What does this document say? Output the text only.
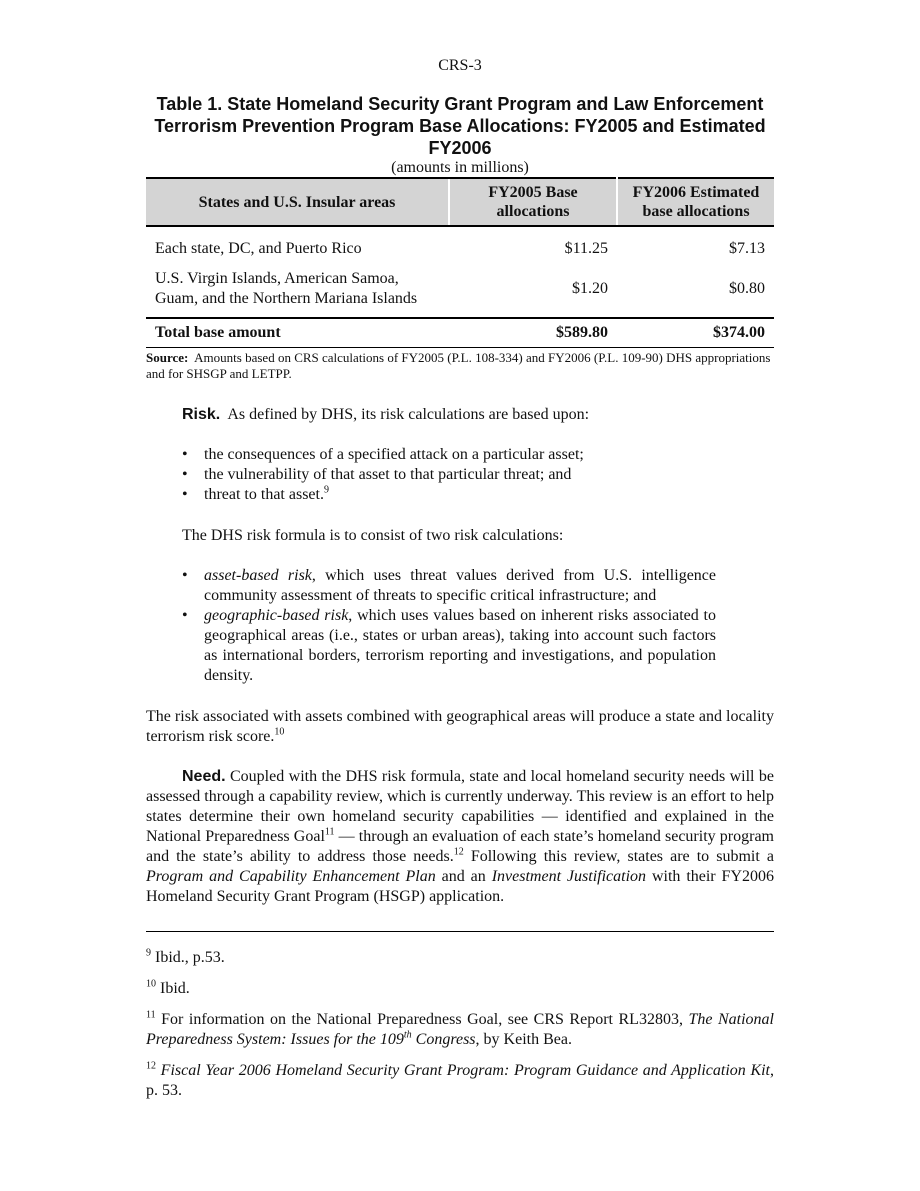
CRS-3
Table 1. State Homeland Security Grant Program and Law Enforcement Terrorism Prevention Program Base Allocations: FY2005 and Estimated FY2006
(amounts in millions)
States and U.S. Insular areas	FY2005 Base allocations	FY2006 Estimated base allocations
Each state, DC, and Puerto Rico	$11.25	$7.13
U.S. Virgin Islands, American Samoa, Guam, and the Northern Mariana Islands	$1.20	$0.80
Total base amount	$589.80	$374.00
Source: Amounts based on CRS calculations of FY2005 (P.L. 108-334) and FY2006 (P.L. 109-90) DHS appropriations and for SHSGP and LETPP.

Risk. As defined by DHS, its risk calculations are based upon:

• the consequences of a specified attack on a particular asset;
• the vulnerability of that asset to that particular threat; and
• threat to that asset.$^9$

The DHS risk formula is to consist of two risk calculations:

• asset-based risk, which uses threat values derived from U.S. intelligence community assessment of threats to specific critical infrastructure; and
• geographic-based risk, which uses values based on inherent risks associated to geographical areas (i.e., states or urban areas), taking into account such factors as international borders, terrorism reporting and investigations, and population density.

The risk associated with assets combined with geographical areas will produce a state and locality terrorism risk score.$^{10}$

Need. Coupled with the DHS risk formula, state and local homeland security needs will be assessed through a capability review, which is currently underway. This review is an effort to help states determine their own homeland security capabilities — identified and explained in the National Preparedness Goal$^{11}$ — through an evaluation of each state’s homeland security program and the state’s ability to address those needs.$^{12}$ Following this review, states are to submit a Program and Capability Enhancement Plan and an Investment Justification with their FY2006 Homeland Security Grant Program (HSGP) application.

$^9$ Ibid., p.53.

$^{10}$ Ibid.

$^{11}$ For information on the National Preparedness Goal, see CRS Report RL32803, The National Preparedness System: Issues for the 109th Congress, by Keith Bea.

$^{12}$ Fiscal Year 2006 Homeland Security Grant Program: Program Guidance and Application Kit, p. 53.
